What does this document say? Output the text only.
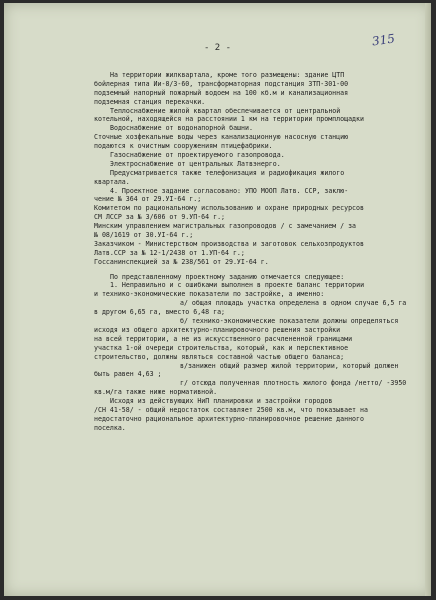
- 2 -	315
На территории жилквартала, кроме того размещены: здание ЦТП
бойлерная типа Ии-8/3-60, трансформаторная подстанция ЗТП-301-00
подземный напорный пожарный водоем на 100 кб.м и канализационная
подземная станция перекачки.
Теплоснабжение жилой квартал обеспечивается от центральной
котельной, находящейся на расстоянии 1 км на территории промплощадки
Водоснабжение от водонапорной башни.
Сточные хозфекальные воды через канализационную насосную станцию
подаются к очистным сооружениям птицефабрики.
Газоснабжение от проектируемого газопровода.
Электроснабжение от центральных Латвэнерго.
Предусматривается также телефонизация и радиофикация жилого
квартала.
4. Проектное задание согласовано: УПО МООП Латв. ССР, заклю-
чение № 364 от 29.УI-64 г.;
Комитетом по рациональному использованию и охране природных ресурсов
СМ ЛССР за № 3/606 от 9.УП-64 г.;
Минским управлением магистральных газопроводов / с замечанием / за
№ 08/1619 от 30.УI-64 г.;
Заказчиком - Министерством производства и заготовок сельхозпродуктов
Латв.ССР за № 12-1/2438 от 1.УП-64 г.;
Госсанинспекцией за № 238/561 от 29.УI-64 г.
По представленному проектному заданию отмечается следующее:
1. Неправильно и с ошибками выполнен в проекте баланс территории
и технико-экономические показатели по застройке, а именно:
а/ общая площадь участка определена в одном случае 6,5 га
в другом 6,65 га, вместо 6,48 га;
б/ технико-экономические показатели должны определяться
исходя из общего архитектурно-планировочного решения застройки
на всей территории, а не из искусственного расчлененной границами
участка 1-ой очереди строительства, который, как и перспективное
строительство, должны являться составной частью общего баланса;
в/занижен общий размер жилой территории, который должен
быть равен 4,63 ;
г/ отсюда полученная плотность жилого фонда /нетто/ -3950
кв.м/га также ниже нормативной.
Исходя из действующих НиП планировки и застройки городов
/СН 41-58/ - общий недостаток составляет 2500 кв.м, что показывает на
недостаточно рациональное архитектурно-планировочное решение данного
поселка.
